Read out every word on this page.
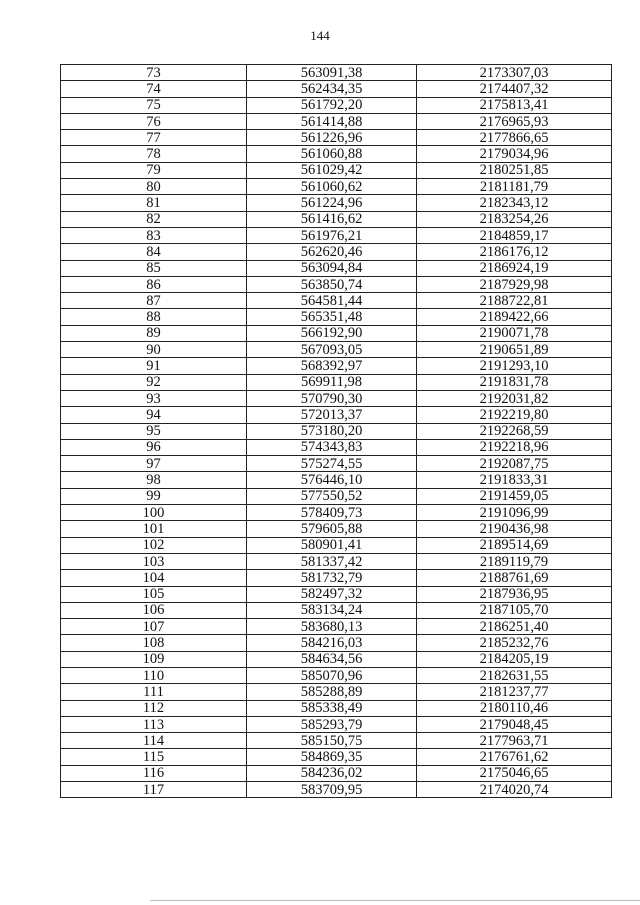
144
73	563091,38	2173307,03
74	562434,35	2174407,32
75	561792,20	2175813,41
76	561414,88	2176965,93
77	561226,96	2177866,65
78	561060,88	2179034,96
79	561029,42	2180251,85
80	561060,62	2181181,79
81	561224,96	2182343,12
82	561416,62	2183254,26
83	561976,21	2184859,17
84	562620,46	2186176,12
85	563094,84	2186924,19
86	563850,74	2187929,98
87	564581,44	2188722,81
88	565351,48	2189422,66
89	566192,90	2190071,78
90	567093,05	2190651,89
91	568392,97	2191293,10
92	569911,98	2191831,78
93	570790,30	2192031,82
94	572013,37	2192219,80
95	573180,20	2192268,59
96	574343,83	2192218,96
97	575274,55	2192087,75
98	576446,10	2191833,31
99	577550,52	2191459,05
100	578409,73	2191096,99
101	579605,88	2190436,98
102	580901,41	2189514,69
103	581337,42	2189119,79
104	581732,79	2188761,69
105	582497,32	2187936,95
106	583134,24	2187105,70
107	583680,13	2186251,40
108	584216,03	2185232,76
109	584634,56	2184205,19
110	585070,96	2182631,55
111	585288,89	2181237,77
112	585338,49	2180110,46
113	585293,79	2179048,45
114	585150,75	2177963,71
115	584869,35	2176761,62
116	584236,02	2175046,65
117	583709,95	2174020,74
